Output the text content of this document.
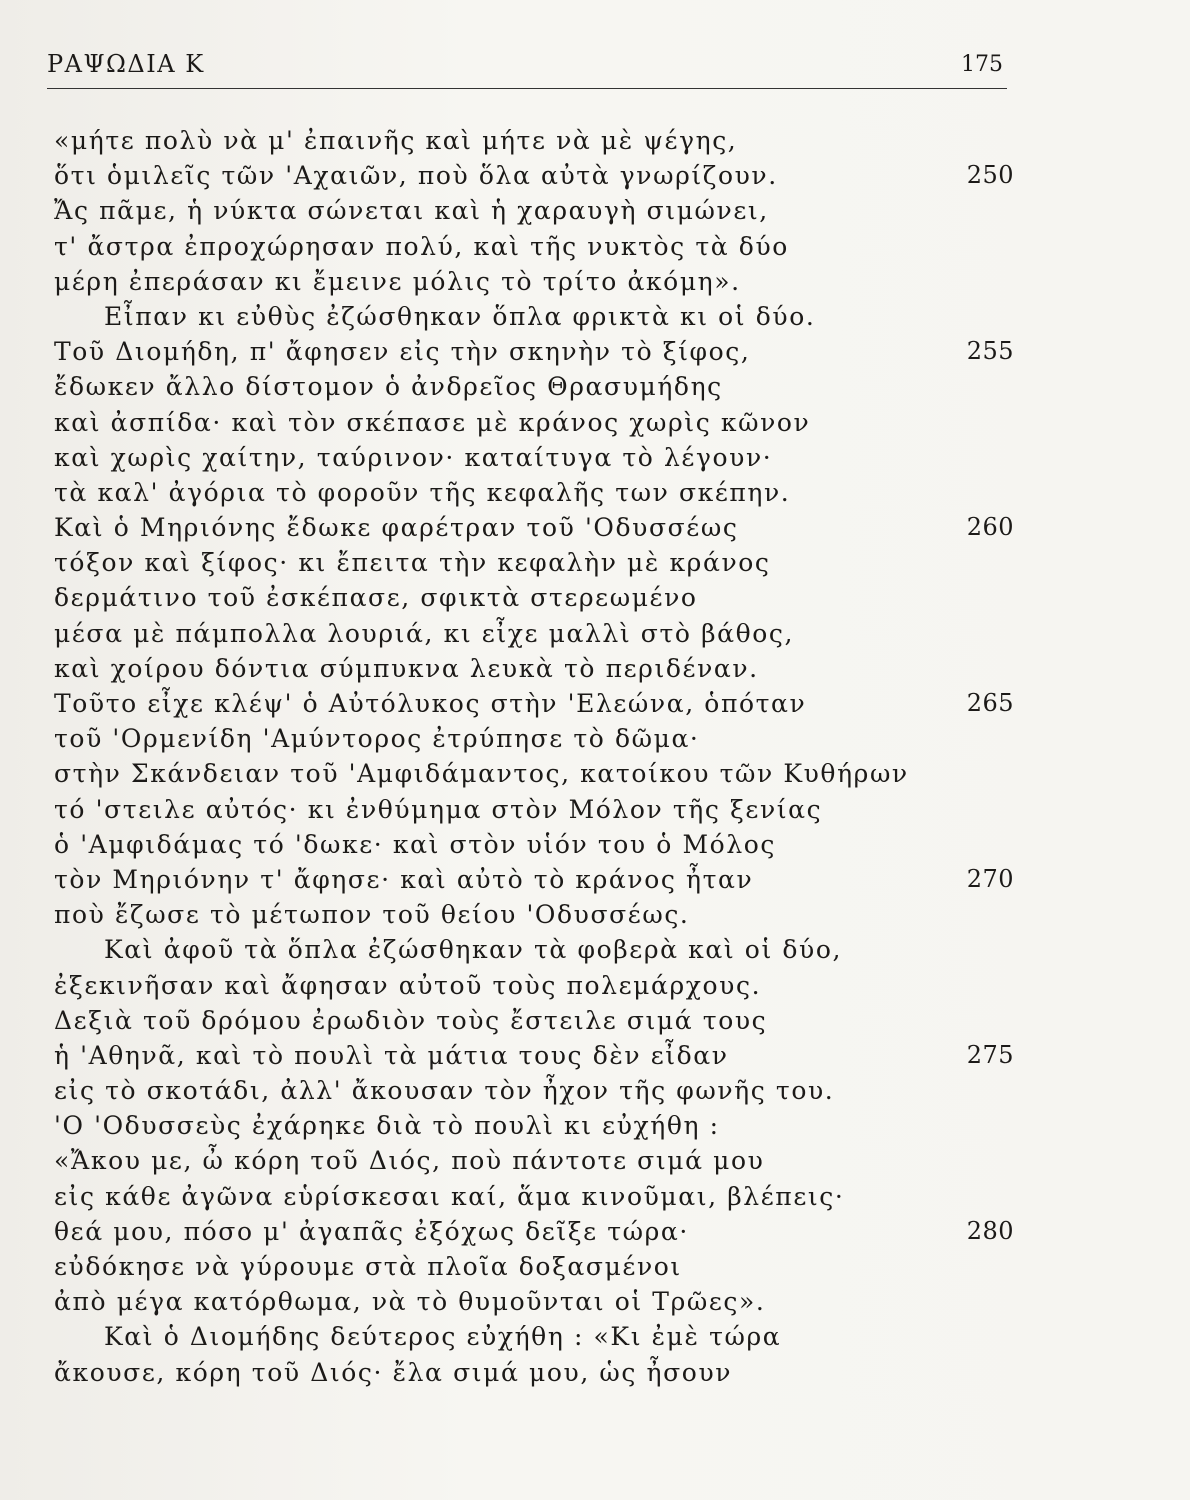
ΡΑΨΩΔΙΑ Κ	175
«μήτε πολὺ νὰ μ' ἐπαινῆς καὶ μήτε νὰ μὲ ψέγης,
ὅτι ὁμιλεῖς τῶν 'Αχαιῶν, ποὺ ὅλα αὐτὰ γνωρίζουν.	250
Ἄς πᾶμε, ἡ νύκτα σώνεται καὶ ἡ χαραυγὴ σιμώνει,
τ' ἄστρα ἐπροχώρησαν πολύ, καὶ τῆς νυκτὸς τὰ δύο
μέρη ἐπεράσαν κι ἔμεινε μόλις τὸ τρίτο ἀκόμη».
Εἶπαν κι εὐθὺς ἐζώσθηκαν ὅπλα φρικτὰ κι οἱ δύο.
Τοῦ Διομήδη, π' ἄφησεν εἰς τὴν σκηνὴν τὸ ξίφος,	255
ἔδωκεν ἄλλο δίστομον ὁ ἀνδρεῖος Θρασυμήδης
καὶ ἀσπίδα· καὶ τὸν σκέπασε μὲ κράνος χωρὶς κῶνον
καὶ χωρὶς χαίτην, ταύρινον· καταίτυγα τὸ λέγουν·
τὰ καλ' ἀγόρια τὸ φοροῦν τῆς κεφαλῆς των σκέπην.
Καὶ ὁ Μηριόνης ἔδωκε φαρέτραν τοῦ 'Οδυσσέως	260
τόξον καὶ ξίφος· κι ἔπειτα τὴν κεφαλὴν μὲ κράνος
δερμάτινο τοῦ ἐσκέπασε, σφικτὰ στερεωμένο
μέσα μὲ πάμπολλα λουριά, κι εἶχε μαλλὶ στὸ βάθος,
καὶ χοίρου δόντια σύμπυκνα λευκὰ τὸ περιδέναν.
Τοῦτο εἶχε κλέψ' ὁ Αὐτόλυκος στὴν 'Ελεώνα, ὁπόταν	265
τοῦ 'Ορμενίδη 'Αμύντορος ἐτρύπησε τὸ δῶμα·
στὴν Σκάνδειαν τοῦ 'Αμφιδάμαντος, κατοίκου τῶν Κυθήρων
τό 'στειλε αὐτός· κι ἐνθύμημα στὸν Μόλον τῆς ξενίας
ὁ 'Αμφιδάμας τό 'δωκε· καὶ στὸν υἱόν του ὁ Μόλος
τὸν Μηριόνην τ' ἄφησε· καὶ αὐτὸ τὸ κράνος ἦταν	270
ποὺ ἔζωσε τὸ μέτωπον τοῦ θείου 'Οδυσσέως.
Καὶ ἀφοῦ τὰ ὅπλα ἐζώσθηκαν τὰ φοβερὰ καὶ οἱ δύο,
ἐξεκινῆσαν καὶ ἄφησαν αὐτοῦ τοὺς πολεμάρχους.
Δεξιὰ τοῦ δρόμου ἐρωδιὸν τοὺς ἔστειλε σιμά τους
ἡ 'Αθηνᾶ, καὶ τὸ πουλὶ τὰ μάτια τους δὲν εἶδαν	275
εἰς τὸ σκοτάδι, ἀλλ' ἄκουσαν τὸν ἦχον τῆς φωνῆς του.
'Ο 'Οδυσσεὺς ἐχάρηκε διὰ τὸ πουλὶ κι εὐχήθη :
«Ἄκου με, ὦ κόρη τοῦ Διός, ποὺ πάντοτε σιμά μου
εἰς κάθε ἀγῶνα εὑρίσκεσαι καί, ἅμα κινοῦμαι, βλέπεις·
θεά μου, πόσο μ' ἀγαπᾶς ἐξόχως δεῖξε τώρα·	280
εὐδόκησε νὰ γύρουμε στὰ πλοῖα δοξασμένοι
ἀπὸ μέγα κατόρθωμα, νὰ τὸ θυμοῦνται οἱ Τρῶες».
Καὶ ὁ Διομήδης δεύτερος εὐχήθη : «Κι ἐμὲ τώρα
ἄκουσε, κόρη τοῦ Διός· ἔλα σιμά μου, ὡς ἦσουν
